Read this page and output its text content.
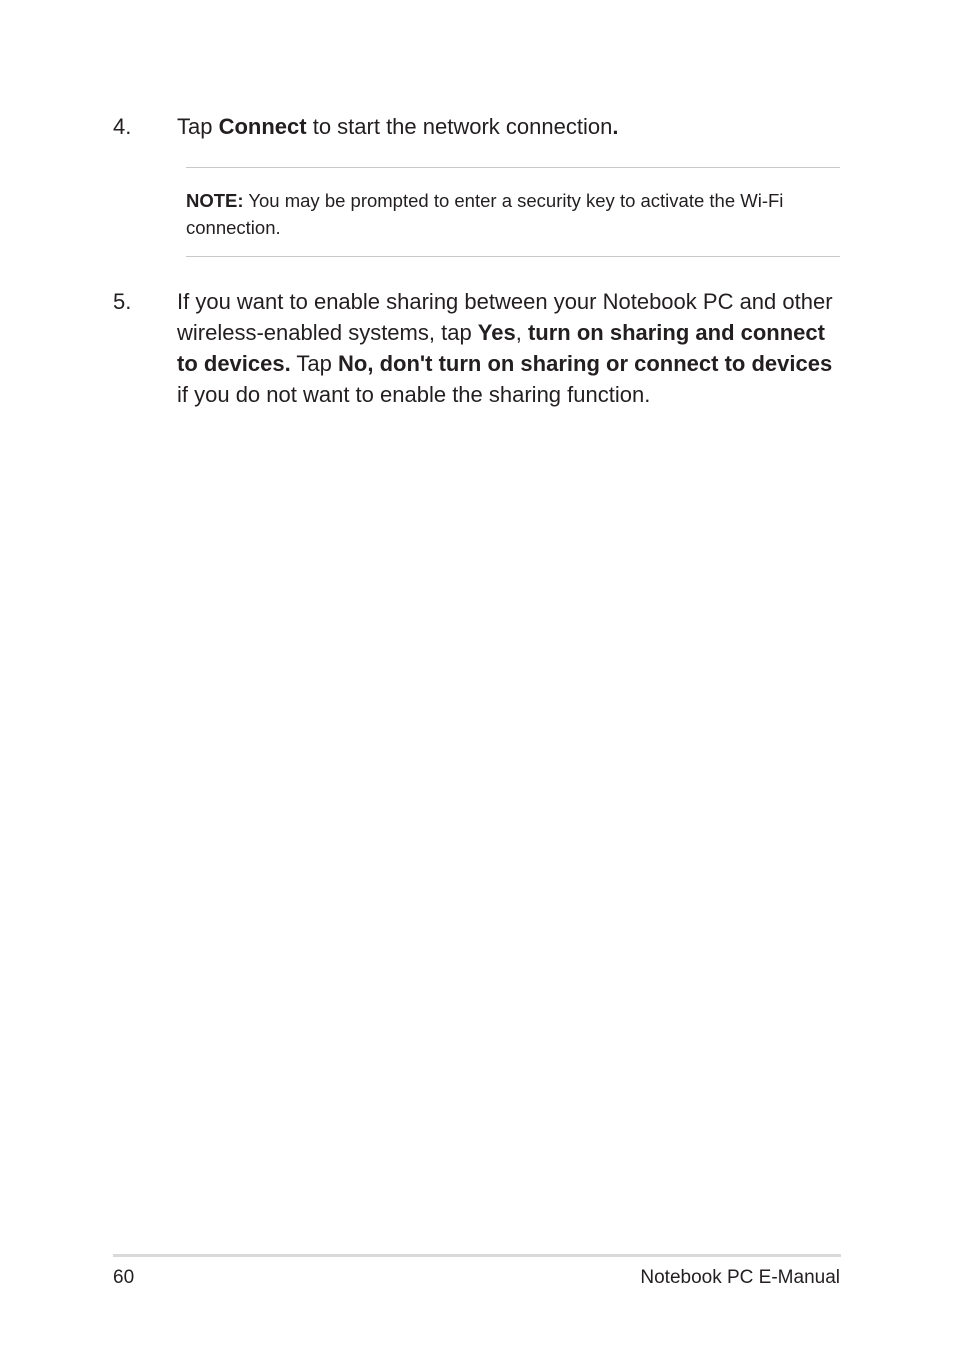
4. Tap Connect to start the network connection.
NOTE: You may be prompted to enter a security key to activate the Wi-Fi connection.
5. If you want to enable sharing between your Notebook PC and other wireless-enabled systems, tap Yes, turn on sharing and connect to devices. Tap No, don't turn on sharing or connect to devices if you do not want to enable the sharing function.
60	Notebook PC E-Manual
